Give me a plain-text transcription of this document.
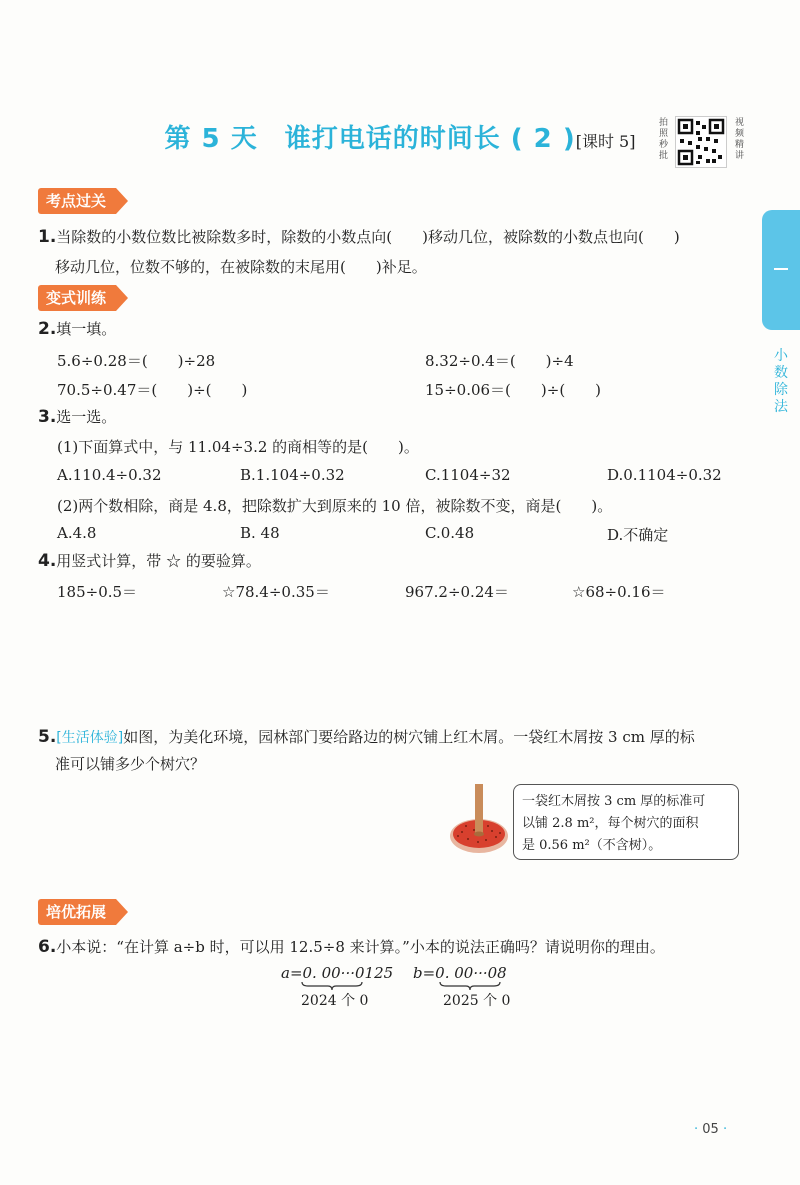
第 5 天　谁打电话的时间长 ( 2 )[课时 5]
拍照秒批
视频精讲
小数除法
考点过关
1.当除数的小数位数比被除数多时，除数的小数点向(　　)移动几位，被除数的小数点也向(　　)
移动几位，位数不够的，在被除数的末尾用(　　)补足。
变式训练
2.填一填。
5.6÷0.28＝(　　)÷28	8.32÷0.4＝(　　)÷4
70.5÷0.47＝(　　)÷(　　)	15÷0.06＝(　　)÷(　　)
3.选一选。
(1)下面算式中，与 11.04÷3.2 的商相等的是(　　)。
A.110.4÷0.32	B.1.104÷0.32	C.1104÷32	D.0.1104÷0.32
(2)两个数相除，商是 4.8，把除数扩大到原来的 10 倍，被除数不变，商是(　　)。
A.4.8	B. 48	C.0.48	D.不确定
4.用竖式计算，带 ☆ 的要验算。
185÷0.5＝	☆78.4÷0.35＝	967.2÷0.24＝	☆68÷0.16＝
5.[生活体验]如图，为美化环境，园林部门要给路边的树穴铺上红木屑。一袋红木屑按 3 cm 厚的标
准可以铺多少个树穴？
一袋红木屑按 3 cm 厚的标准可
以铺 2.8 m²，每个树穴的面积
是 0.56 m²（不含树）。
培优拓展
6.小本说：“在计算 a÷b 时，可以用 12.5÷8 来计算。”小本的说法正确吗？请说明你的理由。
a=0. 00···0125 b=0. 00···08
2024 个 0	2025 个 0
· 05 ·
